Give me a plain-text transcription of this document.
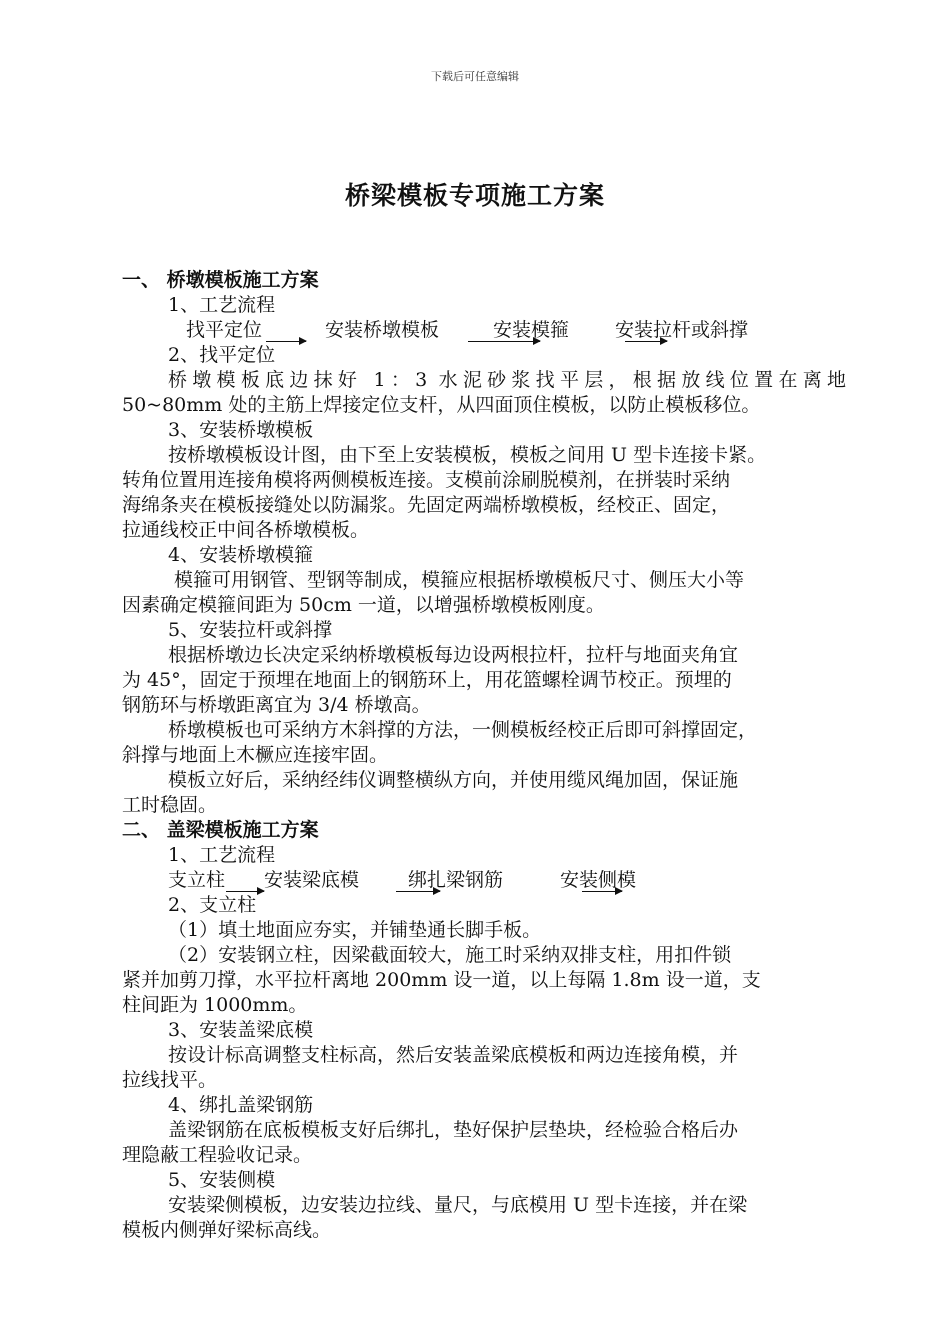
下载后可任意编辑
桥梁模板专项施工方案
一、 桥墩模板施工方案
1、工艺流程
找平定位	安装桥墩模板	安装模箍 安装拉杆或斜撑
2、找平定位
桥墩模板底边抹好 1：3 水泥砂浆找平层，根据放线位置在离地
50~80mm 处的主筋上焊接定位支杆，从四面顶住模板，以防止模板移位。
3、安装桥墩模板
按桥墩模板设计图，由下至上安装模板，模板之间用 U 型卡连接卡紧。
转角位置用连接角模将两侧模板连接。支模前涂刷脱模剂，在拼装时采纳
海绵条夹在模板接缝处以防漏浆。先固定两端桥墩模板，经校正、固定，
拉通线校正中间各桥墩模板。
4、安装桥墩模箍
模箍可用钢管、型钢等制成，模箍应根据桥墩模板尺寸、侧压大小等
因素确定模箍间距为 50cm 一道，以增强桥墩模板刚度。
5、安装拉杆或斜撑
根据桥墩边长决定采纳桥墩模板每边设两根拉杆，拉杆与地面夹角宜
为 45°，固定于预埋在地面上的钢筋环上，用花篮螺栓调节校正。预埋的
钢筋环与桥墩距离宜为 3/4 桥墩高。
桥墩模板也可采纳方木斜撑的方法，一侧模板经校正后即可斜撑固定，
斜撑与地面上木橛应连接牢固。
模板立好后，采纳经纬仪调整横纵方向，并使用缆风绳加固，保证施
工时稳固。
二、 盖梁模板施工方案
1、工艺流程
支立柱 安装梁底模	绑扎梁钢筋	安装侧模
2、支立柱
（1）填土地面应夯实，并铺垫通长脚手板。
（2）安装钢立柱，因梁截面较大，施工时采纳双排支柱，用扣件锁
紧并加剪刀撑，水平拉杆离地 200mm 设一道，以上每隔 1.8m 设一道，支
柱间距为 1000mm。
3、安装盖梁底模
按设计标高调整支柱标高，然后安装盖梁底模板和两边连接角模，并
拉线找平。
4、绑扎盖梁钢筋
盖梁钢筋在底板模板支好后绑扎，垫好保护层垫块，经检验合格后办
理隐蔽工程验收记录。
5、安装侧模
安装梁侧模板，边安装边拉线、量尺，与底模用 U 型卡连接，并在梁
模板内侧弹好梁标高线。
